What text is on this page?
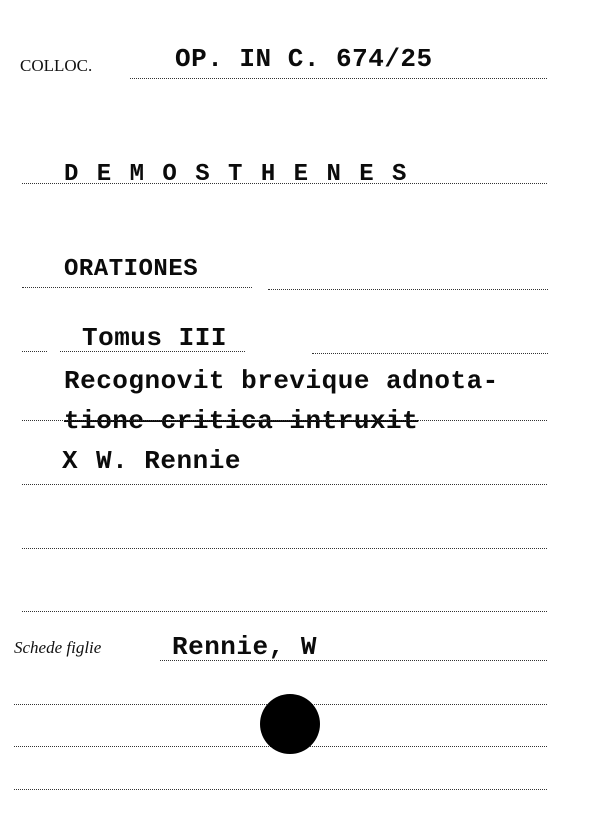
COLLOC.	OP. IN C. 674/25
D E M O S T H E N E S
ORATIONES
Tomus III
Recognovit brevique adnota-
tione critica intruxit
X W. Rennie
Schede figlie	Rennie, W
